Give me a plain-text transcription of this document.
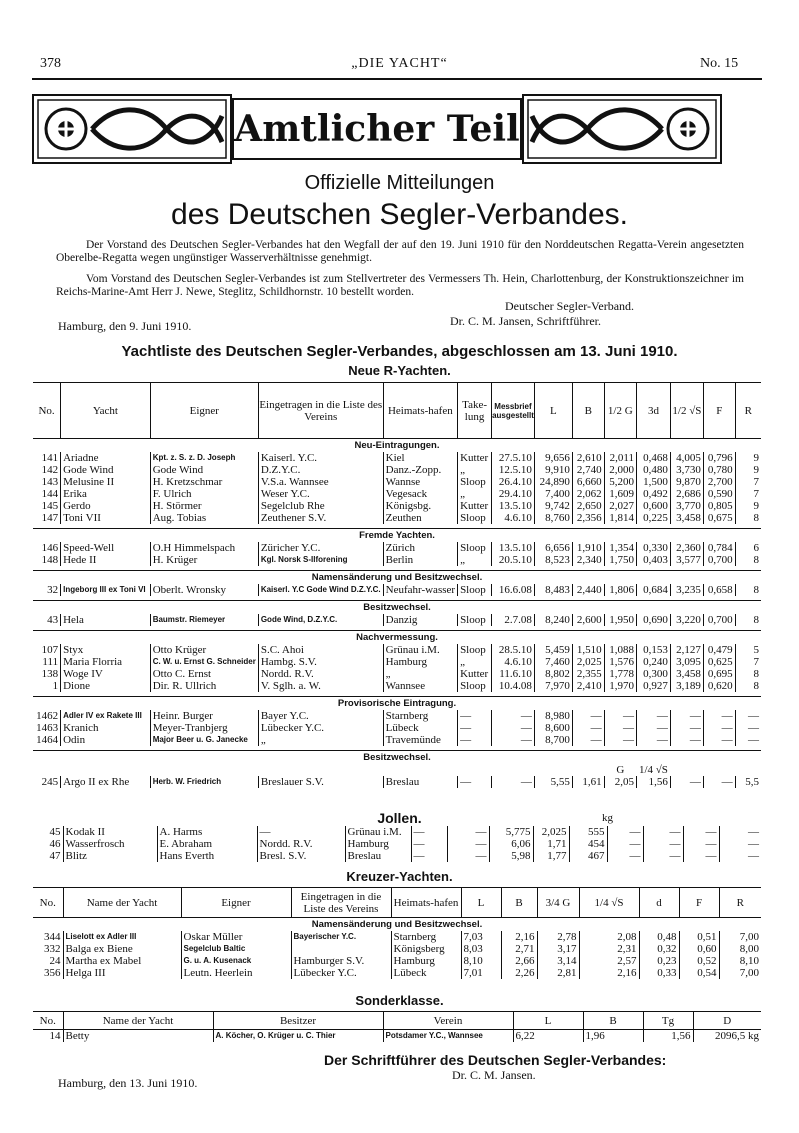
378	„DIE YACHT“	No. 15
Amtlicher Teil
Offizielle Mitteilungen
des Deutschen Segler-Verbandes.

Der Vorstand des Deutschen Segler-Verbandes hat den Wegfall der auf den 19. Juni 1910 für den Norddeutschen Regatta-Verein angesetzten Oberelbe-Regatta wegen ungünstiger Wasserverhältnisse genehmigt.

Vom Vorstand des Deutschen Segler-Verbandes ist zum Stellvertreter des Vermessers Th. Hein, Charlottenburg, der Konstruktionszeichner im Reichs-Marine-Amt Herr J. Newe, Steglitz, Schildhornstr. 10 bestellt worden.

Deutscher Segler-Verband.
Hamburg, den 9. Juni 1910.	Dr. C. M. Jansen, Schriftführer.
Yachtliste des Deutschen Segler-Verbandes, abgeschlossen am 13. Juni 1910.
Neue R-Yachten.
No.	Yacht	Eigner	Eingetragen in die Liste des Vereins	Heimats-hafen	Take-lung	Messbrief ausgestellt	L	B	1/2 G	3d	1/2 √S	F	R
Neu-Eintragungen.													
141	Ariadne	Kpt. z. S. z. D. Joseph	Kaiserl. Y.C.	Kiel	Kutter	27.5.10	9,656	2,610	2,011	0,468	4,005	0,796	9
142	Gode Wind	Gode Wind	D.Z.Y.C.	Danz.-Zopp.	„	12.5.10	9,910	2,740	2,000	0,480	3,730	0,780	9
143	Melusine II	H. Kretzschmar	V.S.a. Wannsee	Wannse	Sloop	26.4.10	24,890	6,660	5,200	1,500	9,870	2,700	7
144	Erika	F. Ulrich	Weser Y.C.	Vegesack	„	29.4.10	7,400	2,062	1,609	0,492	2,686	0,590	7
145	Gerdo	H. Störmer	Segelclub Rhe	Königsbg.	Kutter	13.5.10	9,742	2,650	2,027	0,600	3,770	0,805	9
147	Toni VII	Aug. Tobias	Zeuthener S.V.	Zeuthen	Sloop	4.6.10	8,760	2,356	1,814	0,225	3,458	0,675	8

Fremde Yachten.													
146	Speed-Well	O.H Himmelspach	Züricher Y.C.	Zürich	Sloop	13.5.10	6,656	1,910	1,354	0,330	2,360	0,784	6
148	Hede II	H. Krüger	Kgl. Norsk S-Ilforening	Berlin	„	20.5.10	8,523	2,340	1,750	0,403	3,577	0,700	8

Namensänderung und Besitzwechsel.													
32	Ingeborg III ex Toni VI	Oberlt. Wronsky	Kaiserl. Y.C Gode Wind D.Z.Y.C.	Neufahr-wasser	Sloop	16.6.08	8,483	2,440	1,806	0,684	3,235	0,658	8

Besitzwechsel.													
43	Hela	Baumstr. Riemeyer	Gode Wind, D.Z.Y.C.	Danzig	Sloop	2.7.08	8,240	2,600	1,950	0,690	3,220	0,700	8

Nachvermessung.													
107	Styx	Otto Krüger	S.C. Ahoi	Grünau i.M.	Sloop	28.5.10	5,459	1,510	1,088	0,153	2,127	0,479	5
111	Maria Florria	C. W. u. Ernst G. Schneider	Hambg. S.V.	Hamburg	„	4.6.10	7,460	2,025	1,576	0,240	3,095	0,625	7
138	Woge IV	Otto C. Ernst	Nordd. R.V.	„	Kutter	11.6.10	8,802	2,355	1,778	0,300	3,458	0,695	8
1	Dione	Dir. R. Ullrich	V. Sglh. a. W.	Wannsee	Sloop	10.4.08	7,970	2,410	1,970	0,927	3,189	0,620	8

Provisorische Eintragung.													
1462	Adler IV ex Rakete III	Heinr. Burger	Bayer Y.C.	Starnberg	—	—	8,980	—	—	—	—	—	—
1463	Kranich	Meyer-Tranbjerg	Lübecker Y.C.	Lübeck	—	—	8,600	—	—	—	—	—	—
1464	Odin	Major Beer u. G. Janecke	„	Travemünde	—	—	8,700	—	—	—	—	—	—

Besitzwechsel.													
									G	1/4 √S			
245	Argo II ex Rhe	Herb. W. Friedrich	Breslauer S.V.	Breslau	—	—	5,55	1,61	2,05	1,56	—	—	5,5
Jollen.	kg
45	Kodak II	A. Harms	—	Grünau i.M.	—	—	5,775	2,025	555	—	—	—	—
46	Wasserfrosch	E. Abraham	Nordd. R.V.	Hamburg	—	—	6,06	1,71	454	—	—	—	—
47	Blitz	Hans Everth	Bresl. S.V.	Breslau	—	—	5,98	1,77	467	—	—	—	—
Kreuzer-Yachten.
No.	Name der Yacht	Eigner	Eingetragen in die Liste des Vereins	Heimats-hafen	L	B	3/4 G	1/4 √S	d	F	R
Namensänderung und Besitzwechsel.											
344	Liselott ex Adler III	Oskar Müller	Bayerischer Y.C.	Starnberg	7,03	2,16	2,78	2,08	0,48	0,51	7,00
332	Balga ex Biene	Segelclub Baltic		Königsberg	8,03	2,71	3,17	2,31	0,32	0,60	8,00
24	Martha ex Mabel	G. u. A. Kusenack	Hamburger S.V.	Hamburg	8,10	2,66	3,14	2,57	0,23	0,52	8,10
356	Helga III	Leutn. Heerlein	Lübecker Y.C.	Lübeck	7,01	2,26	2,81	2,16	0,33	0,54	7,00
Sonderklasse.
No.	Name der Yacht	Besitzer	Verein	L	B	Tg	D
14	Betty	A. Köcher, O. Krüger u. C. Thier	Potsdamer Y.C., Wannsee	6,22	1,96	1,56	2096,5 kg
Der Schriftführer des Deutschen Segler-Verbandes:
Dr. C. M. Jansen.
Hamburg, den 13. Juni 1910.
